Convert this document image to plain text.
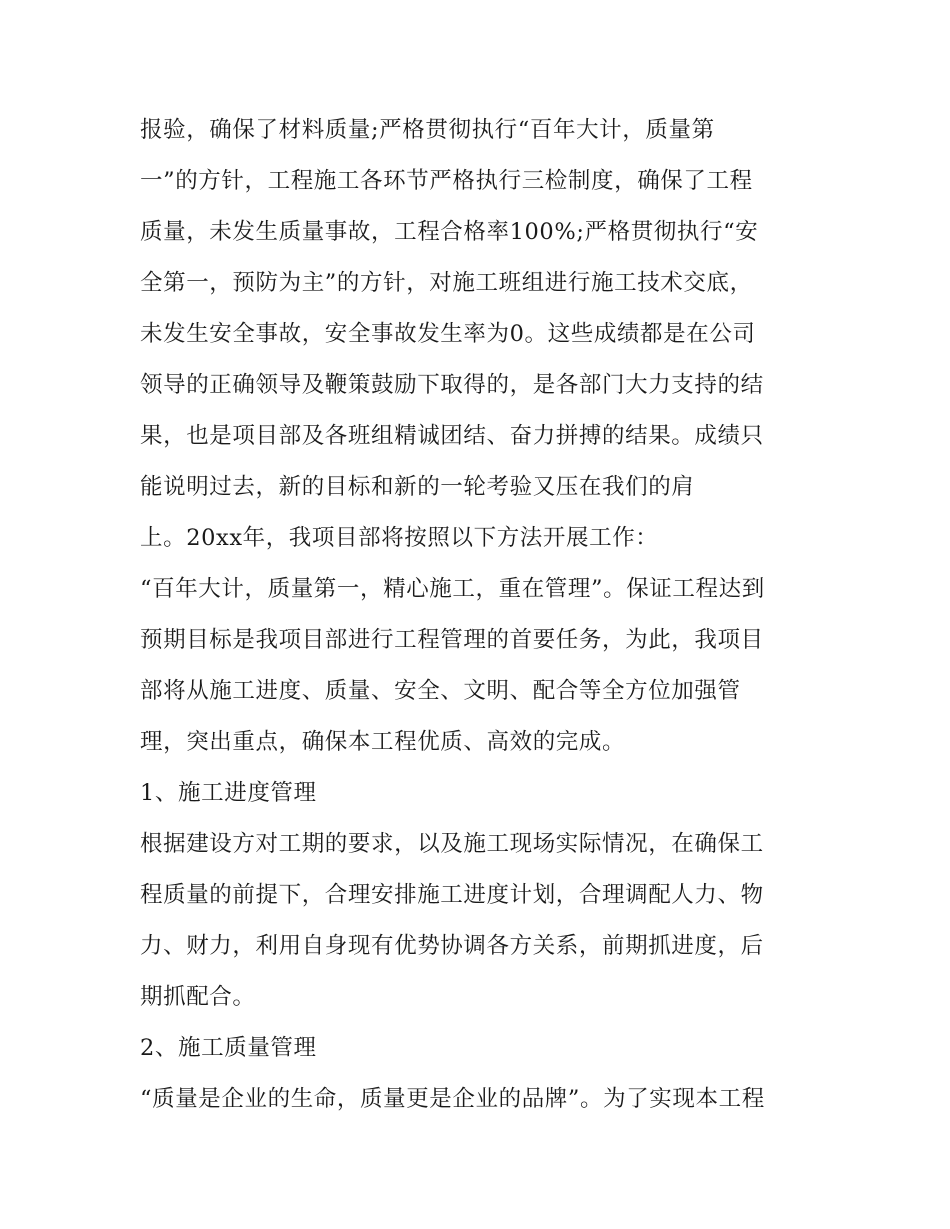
报验，确保了材料质量;严格贯彻执行“百年大计，质量第
一”的方针，工程施工各环节严格执行三检制度，确保了工程
质量，未发生质量事故，工程合格率100%;严格贯彻执行“安
全第一，预防为主”的方针，对施工班组进行施工技术交底，
未发生安全事故，安全事故发生率为0。这些成绩都是在公司
领导的正确领导及鞭策鼓励下取得的，是各部门大力支持的结
果，也是项目部及各班组精诚团结、奋力拼搏的结果。成绩只
能说明过去，新的目标和新的一轮考验又压在我们的肩
上。20xx年，我项目部将按照以下方法开展工作：
“百年大计，质量第一，精心施工，重在管理”。保证工程达到
预期目标是我项目部进行工程管理的首要任务，为此，我项目
部将从施工进度、质量、安全、文明、配合等全方位加强管
理，突出重点，确保本工程优质、高效的完成。
1、施工进度管理
根据建设方对工期的要求，以及施工现场实际情况，在确保工
程质量的前提下，合理安排施工进度计划，合理调配人力、物
力、财力，利用自身现有优势协调各方关系，前期抓进度，后
期抓配合。
2、施工质量管理
“质量是企业的生命，质量更是企业的品牌”。为了实现本工程
